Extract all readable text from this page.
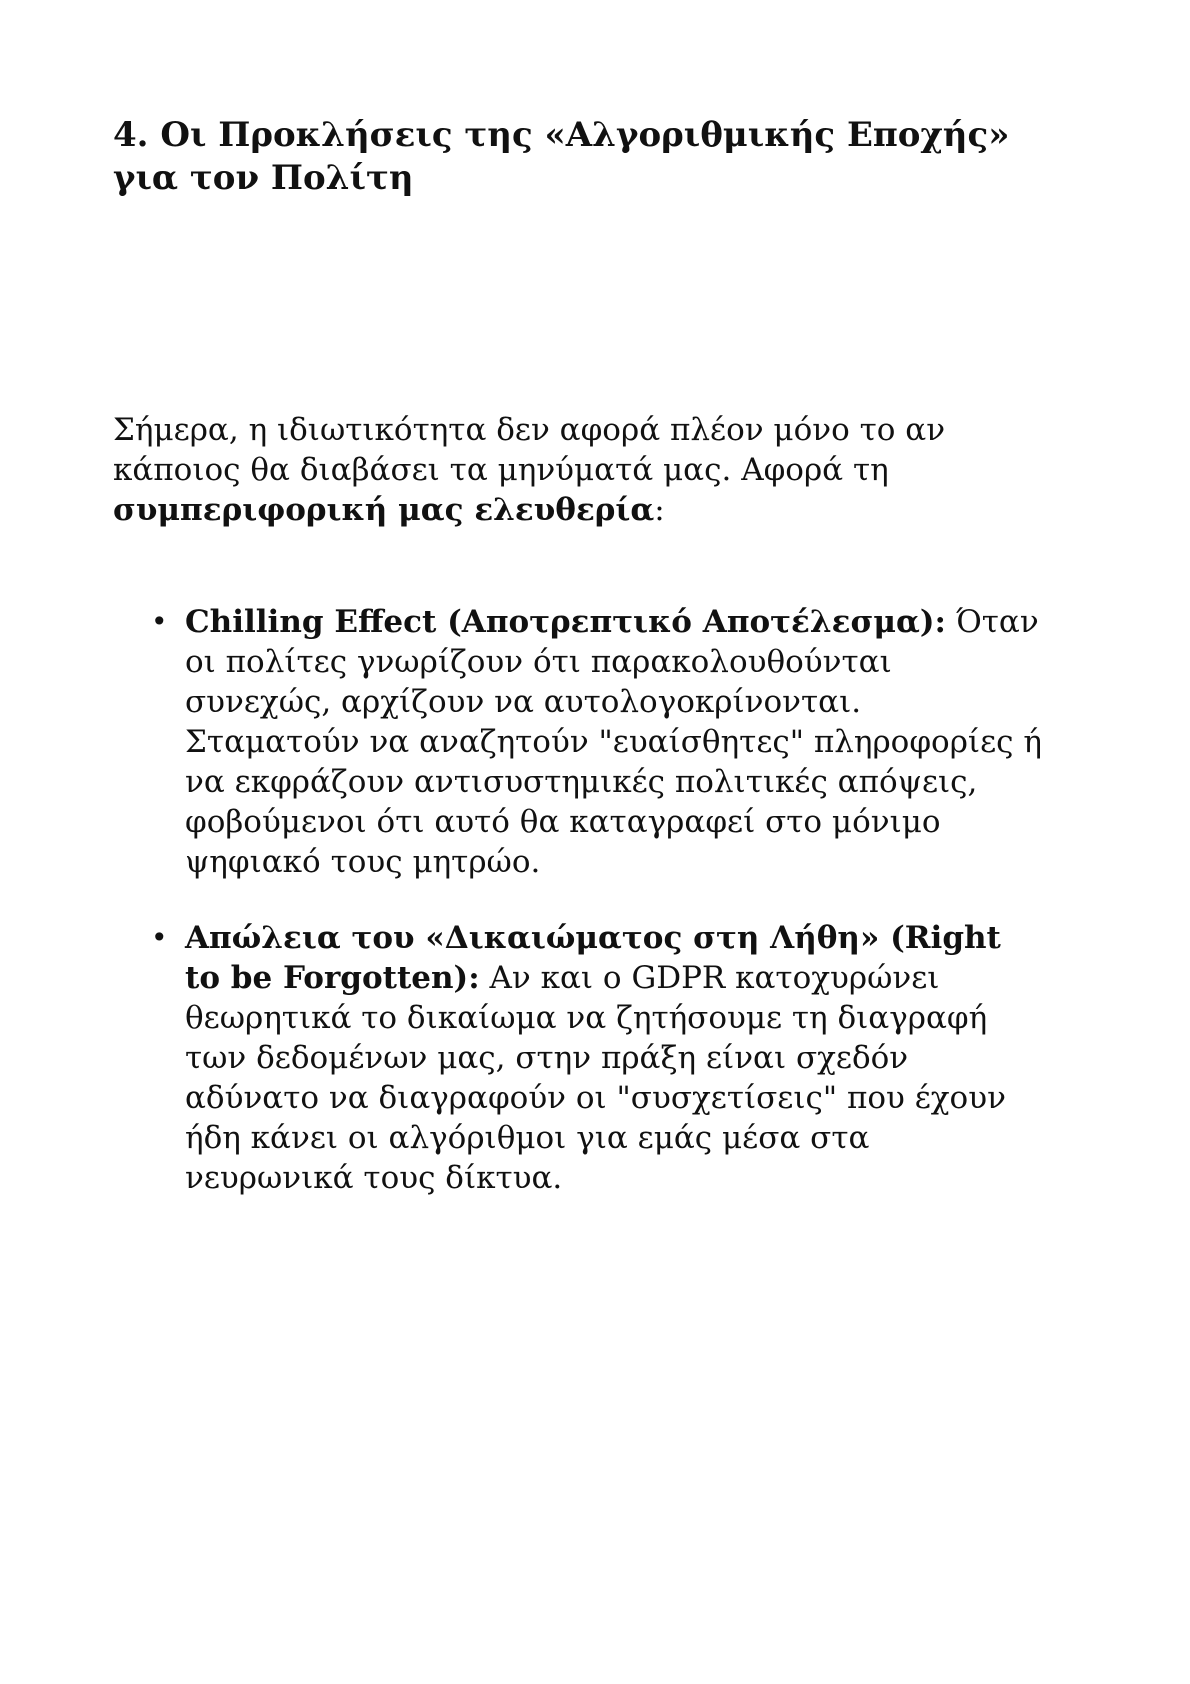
4. Οι Προκλήσεις της «Αλγοριθμικής Εποχής» για τον Πολίτη

Σήμερα, η ιδιωτικότητα δεν αφορά πλέον μόνο το αν κάποιος θα διαβάσει τα μηνύματά μας. Αφορά τη συμπεριφορική μας ελευθερία:

• Chilling Effect (Αποτρεπτικό Αποτέλεσμα): Όταν οι πολίτες γνωρίζουν ότι παρακολουθούνται συνεχώς, αρχίζουν να αυτολογοκρίνονται. Σταματούν να αναζητούν "ευαίσθητες" πληροφορίες ή να εκφράζουν αντισυστημικές πολιτικές απόψεις, φοβούμενοι ότι αυτό θα καταγραφεί στο μόνιμο ψηφιακό τους μητρώο.

• Απώλεια του «Δικαιώματος στη Λήθη» (Right to be Forgotten): Αν και ο GDPR κατοχυρώνει θεωρητικά το δικαίωμα να ζητήσουμε τη διαγραφή των δεδομένων μας, στην πράξη είναι σχεδόν αδύνατο να διαγραφούν οι "συσχετίσεις" που έχουν ήδη κάνει οι αλγόριθμοι για εμάς μέσα στα νευρωνικά τους δίκτυα.
